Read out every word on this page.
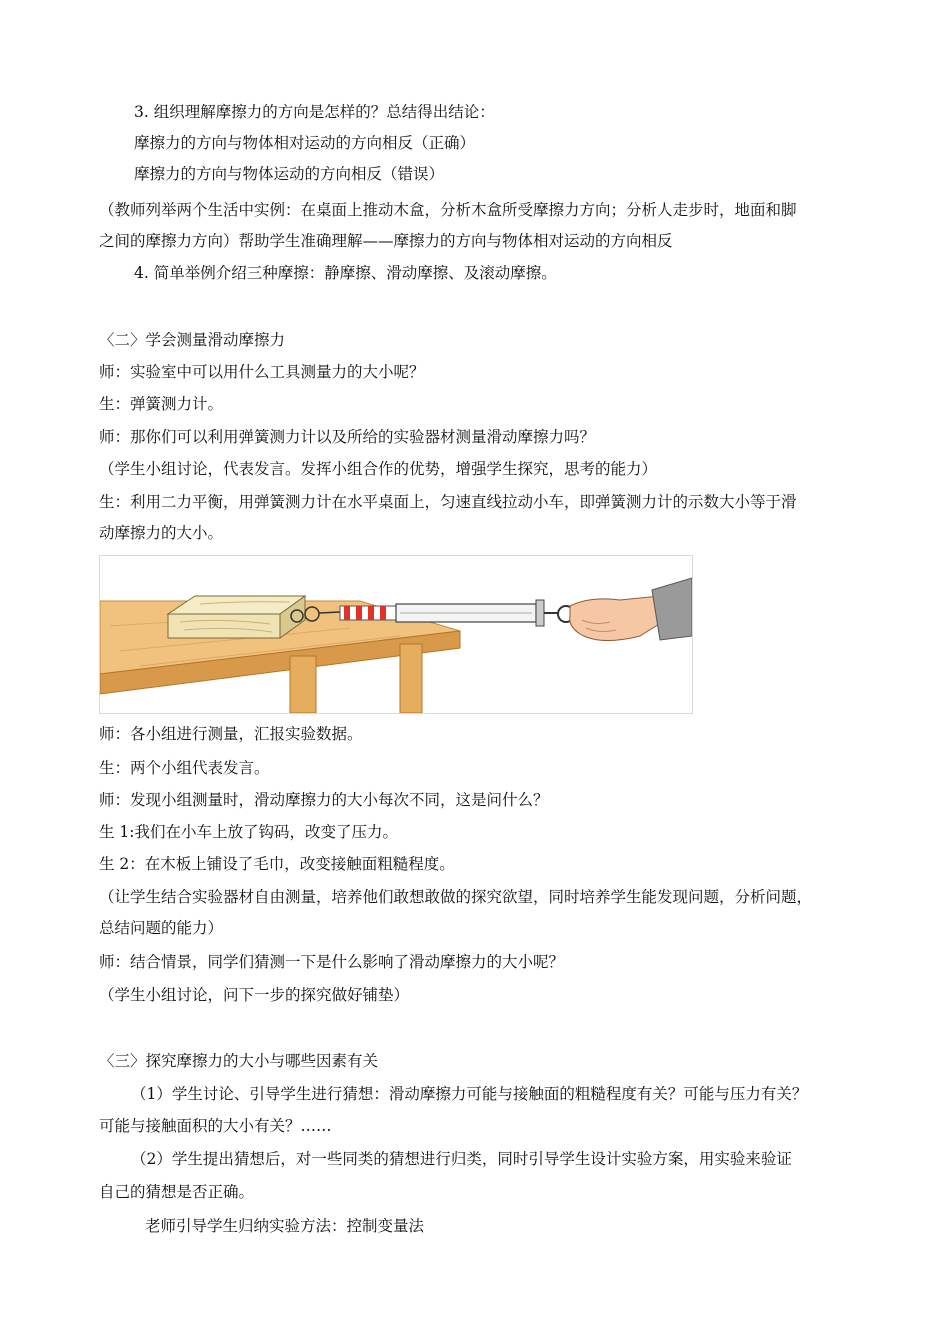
3. 组织理解摩擦力的方向是怎样的？总结得出结论：
摩擦力的方向与物体相对运动的方向相反（正确）
摩擦力的方向与物体运动的方向相反（错误）
（教师列举两个生活中实例：在桌面上推动木盒，分析木盒所受摩擦力方向；分析人走步时，地面和脚
之间的摩擦力方向）帮助学生准确理解——摩擦力的方向与物体相对运动的方向相反
4. 简单举例介绍三种摩擦：静摩擦、滑动摩擦、及滚动摩擦。
〈二〉学会测量滑动摩擦力
师：实验室中可以用什么工具测量力的大小呢？
生：弹簧测力计。
师：那你们可以利用弹簧测力计以及所给的实验器材测量滑动摩擦力吗？
（学生小组讨论，代表发言。发挥小组合作的优势，增强学生探究，思考的能力）
生：利用二力平衡，用弹簧测力计在水平桌面上，匀速直线拉动小车，即弹簧测力计的示数大小等于滑
动摩擦力的大小。
师：各小组进行测量，汇报实验数据。
生：两个小组代表发言。
师：发现小组测量时，滑动摩擦力的大小每次不同，这是问什么？
生 1:我们在小车上放了钩码，改变了压力。
生 2：在木板上铺设了毛巾，改变接触面粗糙程度。
（让学生结合实验器材自由测量，培养他们敢想敢做的探究欲望，同时培养学生能发现问题，分析问题，
总结问题的能力）
师：结合情景，同学们猜测一下是什么影响了滑动摩擦力的大小呢？
（学生小组讨论，问下一步的探究做好铺垫）
〈三〉探究摩擦力的大小与哪些因素有关
（1）学生讨论、引导学生进行猜想：滑动摩擦力可能与接触面的粗糙程度有关？可能与压力有关？
可能与接触面积的大小有关？……
（2）学生提出猜想后，对一些同类的猜想进行归类，同时引导学生设计实验方案，用实验来验证
自己的猜想是否正确。
老师引导学生归纳实验方法：控制变量法
